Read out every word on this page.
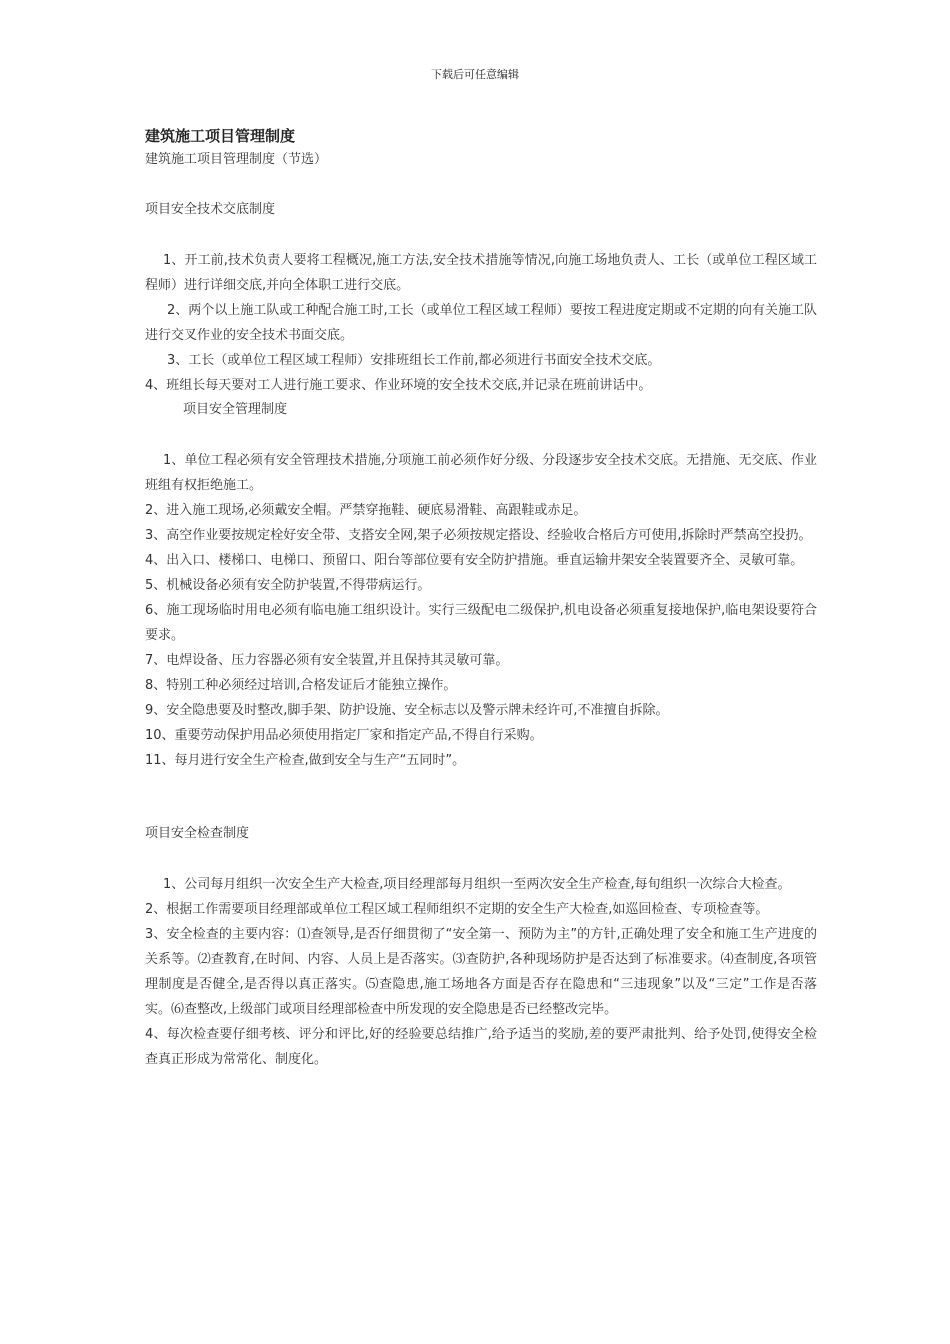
下载后可任意编辑
建筑施工项目管理制度

建筑施工项目管理制度（节选）

项目安全技术交底制度

1、开工前,技术负责人要将工程概况,施工方法,安全技术措施等情况,向施工场地负责人、工长（或单位工程区域工程师）进行详细交底,并向全体职工进行交底。

2、两个以上施工队或工种配合施工时,工长（或单位工程区域工程师）要按工程进度定期或不定期的向有关施工队进行交叉作业的安全技术书面交底。

3、工长（或单位工程区域工程师）安排班组长工作前,都必须进行书面安全技术交底。

4、班组长每天要对工人进行施工要求、作业环境的安全技术交底,并记录在班前讲话中。

项目安全管理制度

1、单位工程必须有安全管理技术措施,分项施工前必须作好分级、分段逐步安全技术交底。无措施、无交底、作业班组有权拒绝施工。

2、进入施工现场,必须戴安全帽。严禁穿拖鞋、硬底易滑鞋、高跟鞋或赤足。

3、高空作业要按规定栓好安全带、支搭安全网,架子必须按规定搭设、经验收合格后方可使用,拆除时严禁高空投扔。

4、出入口、楼梯口、电梯口、预留口、阳台等部位要有安全防护措施。垂直运输井架安全装置要齐全、灵敏可靠。

5、机械设备必须有安全防护装置,不得带病运行。

6、施工现场临时用电必须有临电施工组织设计。实行三级配电二级保护,机电设备必须重复接地保护,临电架设要符合要求。

7、电焊设备、压力容器必须有安全装置,并且保持其灵敏可靠。

8、特别工种必须经过培训,合格发证后才能独立操作。

9、安全隐患要及时整改,脚手架、防护设施、安全标志以及警示牌未经许可,不准擅自拆除。

10、重要劳动保护用品必须使用指定厂家和指定产品,不得自行采购。

11、每月进行安全生产检查,做到安全与生产“五同时”。

项目安全检查制度

1、公司每月组织一次安全生产大检查,项目经理部每月组织一至两次安全生产检查,每旬组织一次综合大检查。

2、根据工作需要项目经理部或单位工程区域工程师组织不定期的安全生产大检查,如巡回检查、专项检查等。

3、安全检查的主要内容：⑴查领导,是否仔细贯彻了“安全第一、预防为主”的方针,正确处理了安全和施工生产进度的关系等。⑵查教育,在时间、内容、人员上是否落实。⑶查防护,各种现场防护是否达到了标准要求。⑷查制度,各项管理制度是否健全,是否得以真正落实。⑸查隐患,施工场地各方面是否存在隐患和“三违现象”以及“三定”工作是否落实。⑹查整改,上级部门或项目经理部检查中所发现的安全隐患是否已经整改完毕。

4、每次检查要仔细考核、评分和评比,好的经验要总结推广,给予适当的奖励,差的要严肃批判、给予处罚,使得安全检查真正形成为常常化、制度化。
